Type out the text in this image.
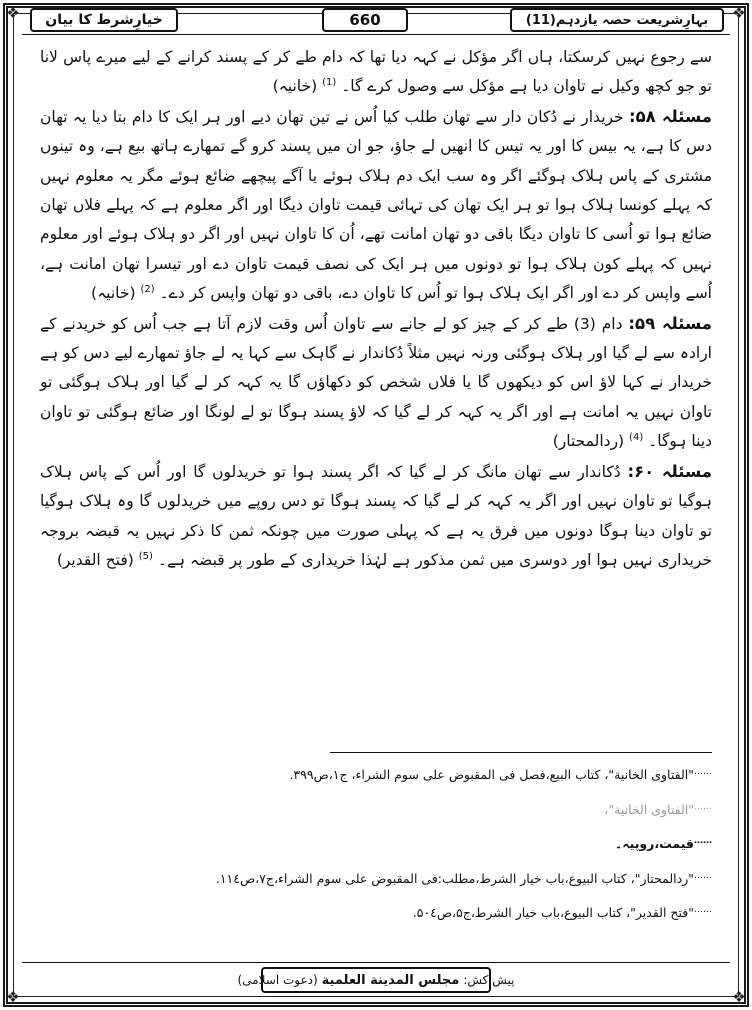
❖	❖
❖	❖
خیارِشرط کا بیان	660	بہارِشریعت حصہ یازدہم(11)

سے رجوع نہیں کرسکتا، ہاں اگر مؤکل نے کہہ دیا تھا کہ دام طے کر کے پسند کرانے کے لیے میرے پاس لانا تو جو کچھ وکیل نے تاوان دیا ہے مؤکل سے وصول کرے گا۔ $^{(1)}$ (خانیہ)

مسئلہ ۵۸: خریدار نے دُکان دار سے تھان طلب کیا اُس نے تین تھان دیے اور ہر ایک کا دام بتا دیا یہ تھان دس کا ہے، یہ بیس کا اور یہ تیس کا انھیں لے جاؤ، جو ان میں پسند کرو گے تمھارے ہاتھ بیع ہے، وہ تینوں مشتری کے پاس ہلاک ہوگئے اگر وہ سب ایک دم ہلاک ہوئے یا آگے پیچھے ضائع ہوئے مگر یہ معلوم نہیں کہ پہلے کونسا ہلاک ہوا تو ہر ایک تھان کی تہائی قیمت تاوان دیگا اور اگر معلوم ہے کہ پہلے فلاں تھان ضائع ہوا تو اُسی کا تاوان دیگا باقی دو تھان امانت تھے، اُن کا تاوان نہیں اور اگر دو ہلاک ہوئے اور معلوم نہیں کہ پہلے کون ہلاک ہوا تو دونوں میں ہر ایک کی نصف قیمت تاوان دے اور تیسرا تھان امانت ہے، اُسے واپس کر دے اور اگر ایک ہلاک ہوا تو اُس کا تاوان دے، باقی دو تھان واپس کر دے۔ $^{(2)}$ (خانیہ)

مسئلہ ۵۹: دام (3) طے کر کے چیز کو لے جانے سے تاوان اُس وقت لازم آتا ہے جب اُس کو خریدنے کے ارادہ سے لے گیا اور ہلاک ہوگئی ورنہ نہیں مثلاً دُکاندار نے گاہک سے کہا یہ لے جاؤ تمھارے لیے دس کو ہے خریدار نے کہا لاؤ اس کو دیکھوں گا یا فلاں شخص کو دکھاؤں گا یہ کہہ کر لے گیا اور ہلاک ہوگئی تو تاوان نہیں یہ امانت ہے اور اگر یہ کہہ کر لے گیا کہ لاؤ پسند ہوگا تو لے لونگا اور ضائع ہوگئی تو تاوان دینا ہوگا۔ $^{(4)}$ (ردالمحتار)

مسئلہ ۶۰: دُکاندار سے تھان مانگ کر لے گیا کہ اگر پسند ہوا تو خریدلوں گا اور اُس کے پاس ہلاک ہوگیا تو تاوان نہیں اور اگر یہ کہہ کر لے گیا کہ پسند ہوگا تو دس روپے میں خریدلوں گا وہ ہلاک ہوگیا تو تاوان دینا ہوگا دونوں میں فرق یہ ہے کہ پہلی صورت میں چونکہ ثمن کا ذکر نہیں یہ قبضہ بروجہ خریداری نہیں ہوا اور دوسری میں ثمن مذکور ہے لہٰذا خریداری کے طور پر قبضہ ہے۔ $^{(5)}$ (فتح القدیر)

……"الفتاوی الخانیة"، کتاب البیع،فصل فی المقبوض علی سوم الشراء، ج۱،ص۳۹۹.
……"الفتاوی الخانیة"،
……قیمت،روپیہ۔
……"ردالمحتار"، کتاب البیوع،باب خیار الشرط،مطلب:فی المقبوض علی سوم الشراء،ج۷،ص۱۱٤.
……"فتح القدیر"، کتاب البیوع،باب خیار الشرط،ج۵،ص۵۰٤.
پیش کش:
مجلس المدینة العلمیة
(دعوت اسلامی)
